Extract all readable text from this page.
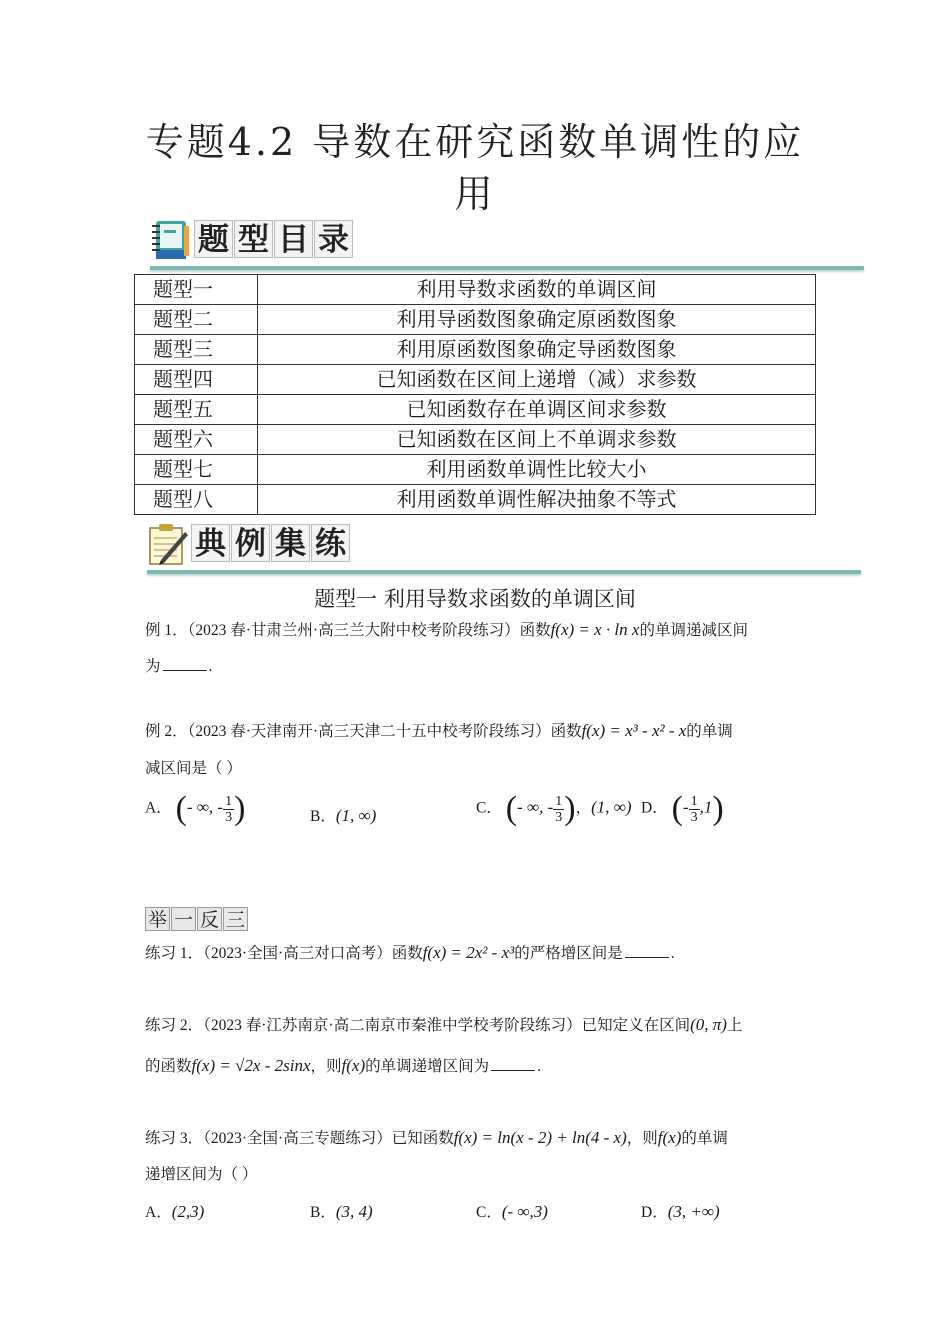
专题4.2 导数在研究函数单调性的应
用
题 型 目 录
题型一	利用导数求函数的单调区间
题型二	利用导函数图象确定原函数图象
题型三	利用原函数图象确定导函数图象
题型四	已知函数在区间上递增（减）求参数
题型五	已知函数存在单调区间求参数
题型六	已知函数在区间上不单调求参数
题型七	利用函数单调性比较大小
题型八	利用函数单调性解决抽象不等式
典 例 集 练
题型一 利用导数求函数的单调区间
例 1．（2023 春·甘肃兰州·高三兰大附中校考阶段练习）函数f(x) = x · ln x的单调递减区间
为	.
例 2．（2023 春·天津南开·高三天津二十五中校考阶段练习）函数f(x) = x³ - x² - x的单调
减区间是（ ）
A． (- ∞, - $\frac{1}{3}$ )	B．(1, ∞)	C． (- ∞, - $\frac{1}{3}$ )，(1, ∞) D． (- $\frac{1}{3} ,1$)
举 一 反 三
练习 1．（2023·全国·高三对口高考）函数f(x) = 2x² - x³的严格增区间是	.
练习 2．（2023 春·江苏南京·高二南京市秦淮中学校考阶段练习）已知定义在区间(0, π)上
的函数f(x) = √2x - 2sinx，则f(x)的单调递增区间为	.
练习 3．（2023·全国·高三专题练习）已知函数f(x) = ln(x - 2) + ln(4 - x)，则f(x)的单调
递增区间为（ ）
A．(2,3)	B．(3, 4)	C．(- ∞,3)	D．(3, +∞)
